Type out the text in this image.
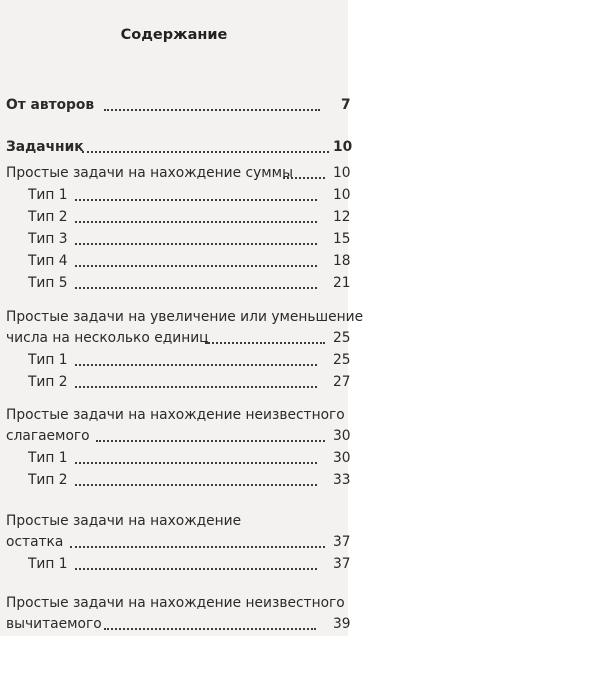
Содержание
От авторов	7
Задачник	10
Простые задачи на нахождение суммы	10
Тип 1	10
Тип 2	12
Тип 3	15
Тип 4	18
Тип 5	21
Простые задачи на увеличение или уменьшение
числа на несколько единиц	25
Тип 1	25
Тип 2	27
Простые задачи на нахождение неизвестного
слагаемого	30
Тип 1	30
Тип 2	33
Простые задачи на нахождение
остатка	37
Тип 1	37
Простые задачи на нахождение неизвестного
вычитаемого	39
